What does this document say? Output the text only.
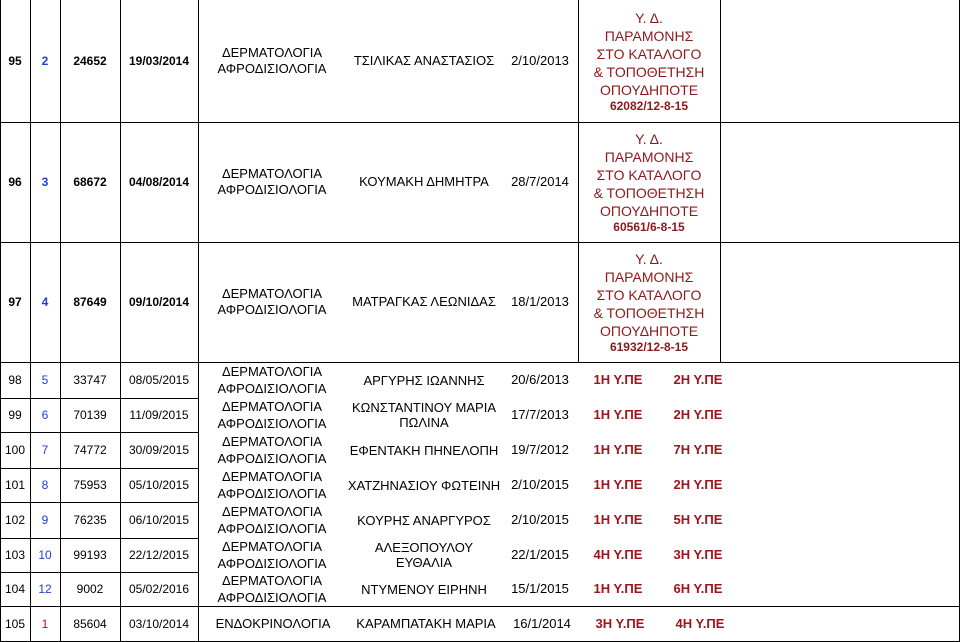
95 2 24652 19/03/2014
ΔΕΡΜΑΤΟΛΟΓΙΑ
ΑΦΡΟΔΙΣΙΟΛΟΓΙΑ
ΤΣΙΛΙΚΑΣ ΑΝΑΣΤΑΣΙΟΣ 2/10/2013
Υ. Δ.
ΠΑΡΑΜΟΝΗΣ
ΣΤΟ ΚΑΤΑΛΟΓΟ
& ΤΟΠΟΘΕΤΗΣΗ
ΟΠΟΥΔΗΠΟΤΕ
62082/12-8-15
96 3 68672 04/08/2014
ΔΕΡΜΑΤΟΛΟΓΙΑ
ΑΦΡΟΔΙΣΙΟΛΟΓΙΑ
ΚΟΥΜΑΚΗ ΔΗΜΗΤΡΑ 28/7/2014
Υ. Δ.
ΠΑΡΑΜΟΝΗΣ
ΣΤΟ ΚΑΤΑΛΟΓΟ
& ΤΟΠΟΘΕΤΗΣΗ
ΟΠΟΥΔΗΠΟΤΕ
60561/6-8-15
97 4 87649 09/10/2014
ΔΕΡΜΑΤΟΛΟΓΙΑ
ΑΦΡΟΔΙΣΙΟΛΟΓΙΑ
ΜΑΤΡΑΓΚΑΣ ΛΕΩΝΙΔΑΣ 18/1/2013
Υ. Δ.
ΠΑΡΑΜΟΝΗΣ
ΣΤΟ ΚΑΤΑΛΟΓΟ
& ΤΟΠΟΘΕΤΗΣΗ
ΟΠΟΥΔΗΠΟΤΕ
61932/12-8-15
98 5 33747 08/05/2015
ΔΕΡΜΑΤΟΛΟΓΙΑ
ΑΦΡΟΔΙΣΙΟΛΟΓΙΑ
ΑΡΓΥΡΗΣ ΙΩΑΝΝΗΣ 20/6/2013 1Η Υ.ΠΕ 2Η Υ.ΠΕ
99 6 70139 11/09/2015
ΔΕΡΜΑΤΟΛΟΓΙΑ
ΑΦΡΟΔΙΣΙΟΛΟΓΙΑ
ΚΩΝΣΤΑΝΤΙΝΟΥ ΜΑΡΙΑ
ΠΩΛΙΝΑ
17/7/2013 1Η Υ.ΠΕ 2Η Υ.ΠΕ
100 7 74772 30/09/2015
ΔΕΡΜΑΤΟΛΟΓΙΑ
ΑΦΡΟΔΙΣΙΟΛΟΓΙΑ
ΕΦΕΝΤΑΚΗ ΠΗΝΕΛΟΠΗ 19/7/2012 1Η Υ.ΠΕ 7Η Υ.ΠΕ
101 8 75953 05/10/2015
ΔΕΡΜΑΤΟΛΟΓΙΑ
ΑΦΡΟΔΙΣΙΟΛΟΓΙΑ
ΧΑΤΖΗΝΑΣΙΟΥ ΦΩΤΕΙΝΗ 2/10/2015 1Η Υ.ΠΕ 2Η Υ.ΠΕ
102 9 76235 06/10/2015
ΔΕΡΜΑΤΟΛΟΓΙΑ
ΑΦΡΟΔΙΣΙΟΛΟΓΙΑ
ΚΟΥΡΗΣ ΑΝΑΡΓΥΡΟΣ 2/10/2015 1Η Υ.ΠΕ 5Η Υ.ΠΕ
103 10 99193 22/12/2015
ΔΕΡΜΑΤΟΛΟΓΙΑ
ΑΦΡΟΔΙΣΙΟΛΟΓΙΑ
ΑΛΕΞΟΠΟΥΛΟΥ
ΕΥΘΑΛΙΑ
22/1/2015 4Η Υ.ΠΕ 3Η Υ.ΠΕ
104 12 9002 05/02/2016
ΔΕΡΜΑΤΟΛΟΓΙΑ
ΑΦΡΟΔΙΣΙΟΛΟΓΙΑ
ΝΤΥΜΕΝΟΥ ΕΙΡΗΝΗ 15/1/2015 1Η Υ.ΠΕ 6Η Υ.ΠΕ
105 1 85604 03/10/2014 ΕΝΔΟΚΡΙΝΟΛΟΓΙΑ ΚΑΡΑΜΠΑΤΑΚΗ ΜΑΡΙΑ 16/1/2014 3Η Υ.ΠΕ 4Η Υ.ΠΕ
